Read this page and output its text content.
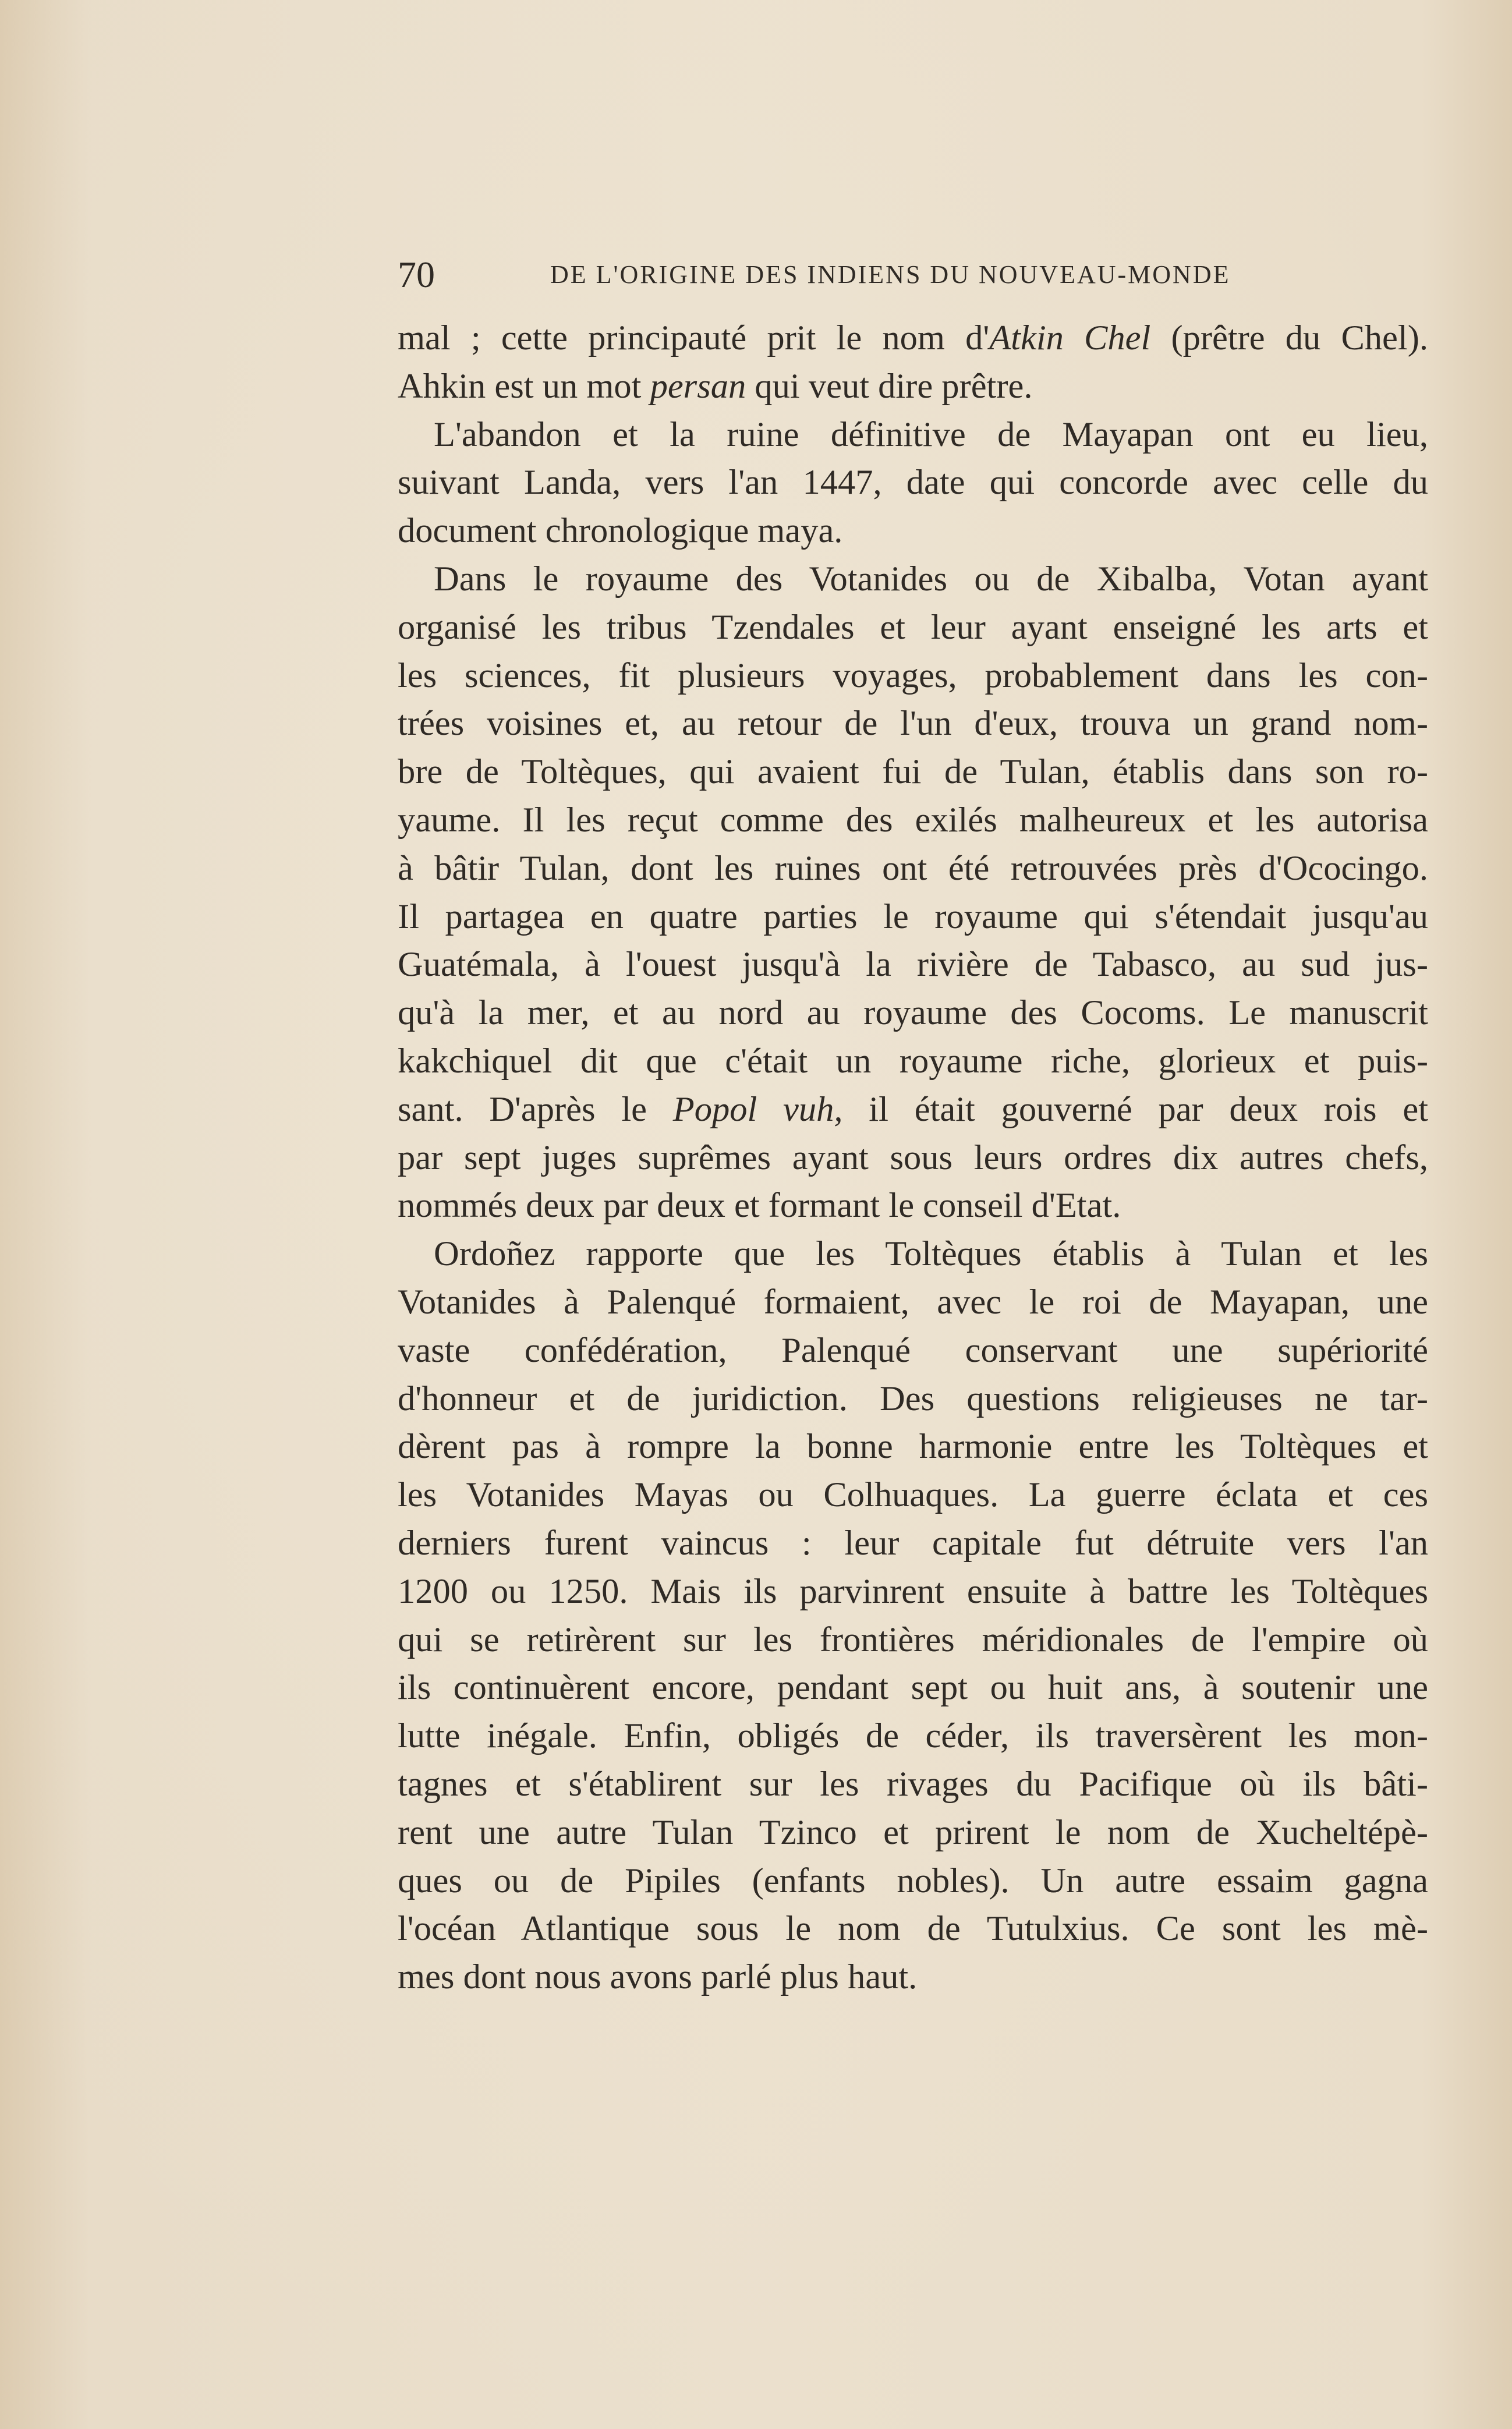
70	DE L'ORIGINE DES INDIENS DU NOUVEAU-MONDE
mal ; cette principauté prit le nom d'Atkin Chel (prêtre du Chel).
Ahkin est un mot persan qui veut dire prêtre.
L'abandon et la ruine définitive de Mayapan ont eu lieu,
suivant Landa, vers l'an 1447, date qui concorde avec celle du
document chronologique maya.
Dans le royaume des Votanides ou de Xibalba, Votan ayant
organisé les tribus Tzendales et leur ayant enseigné les arts et
les sciences, fit plusieurs voyages, probablement dans les con-
trées voisines et, au retour de l'un d'eux, trouva un grand nom-
bre de Toltèques, qui avaient fui de Tulan, établis dans son ro-
yaume. Il les reçut comme des exilés malheureux et les autorisa
à bâtir Tulan, dont les ruines ont été retrouvées près d'Ococingo.
Il partagea en quatre parties le royaume qui s'étendait jusqu'au
Guatémala, à l'ouest jusqu'à la rivière de Tabasco, au sud jus-
qu'à la mer, et au nord au royaume des Cocoms. Le manuscrit
kakchiquel dit que c'était un royaume riche, glorieux et puis-
sant. D'après le Popol vuh, il était gouverné par deux rois et
par sept juges suprêmes ayant sous leurs ordres dix autres chefs,
nommés deux par deux et formant le conseil d'Etat.
Ordoñez rapporte que les Toltèques établis à Tulan et les
Votanides à Palenqué formaient, avec le roi de Mayapan, une
vaste confédération, Palenqué conservant une supériorité
d'honneur et de juridiction. Des questions religieuses ne tar-
dèrent pas à rompre la bonne harmonie entre les Toltèques et
les Votanides Mayas ou Colhuaques. La guerre éclata et ces
derniers furent vaincus : leur capitale fut détruite vers l'an
1200 ou 1250. Mais ils parvinrent ensuite à battre les Toltèques
qui se retirèrent sur les frontières méridionales de l'empire où
ils continuèrent encore, pendant sept ou huit ans, à soutenir une
lutte inégale. Enfin, obligés de céder, ils traversèrent les mon-
tagnes et s'établirent sur les rivages du Pacifique où ils bâti-
rent une autre Tulan Tzinco et prirent le nom de Xucheltépè-
ques ou de Pipiles (enfants nobles). Un autre essaim gagna
l'océan Atlantique sous le nom de Tutulxius. Ce sont les mè-
mes dont nous avons parlé plus haut.
